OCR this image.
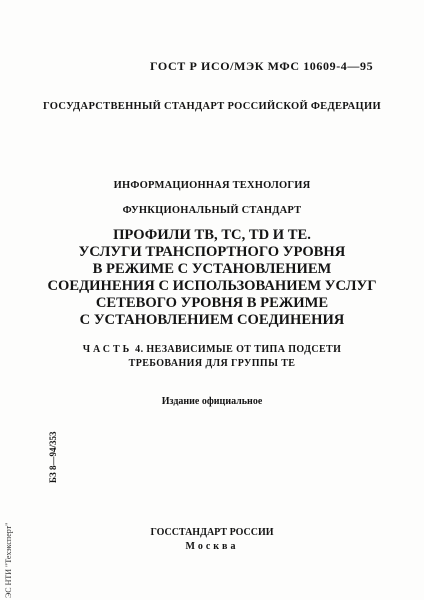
ГОСТ Р ИСО/МЭК МФС 10609-4—95
ГОСУДАРСТВЕННЫЙ СТАНДАРТ РОССИЙСКОЙ ФЕДЕРАЦИИ
ИНФОРМАЦИОННАЯ ТЕХНОЛОГИЯ
ФУНКЦИОНАЛЬНЫЙ СТАНДАРТ
ПРОФИЛИ ТВ, ТС, TD И ТЕ.
УСЛУГИ ТРАНСПОРТНОГО УРОВНЯ
В РЕЖИМЕ С УСТАНОВЛЕНИЕМ
СОЕДИНЕНИЯ С ИСПОЛЬЗОВАНИЕМ УСЛУГ
СЕТЕВОГО УРОВНЯ В РЕЖИМЕ
С УСТАНОВЛЕНИЕМ СОЕДИНЕНИЯ
ЧАСТЬ 4. НЕЗАВИСИМЫЕ ОТ ТИПА ПОДСЕТИ
ТРЕБОВАНИЯ ДЛЯ ГРУППЫ ТЕ
Издание официальное
БЗ 8—94/353
ГОССТАНДАРТ РОССИИ
Москва
ЭС НТИ "Техэксперт"
